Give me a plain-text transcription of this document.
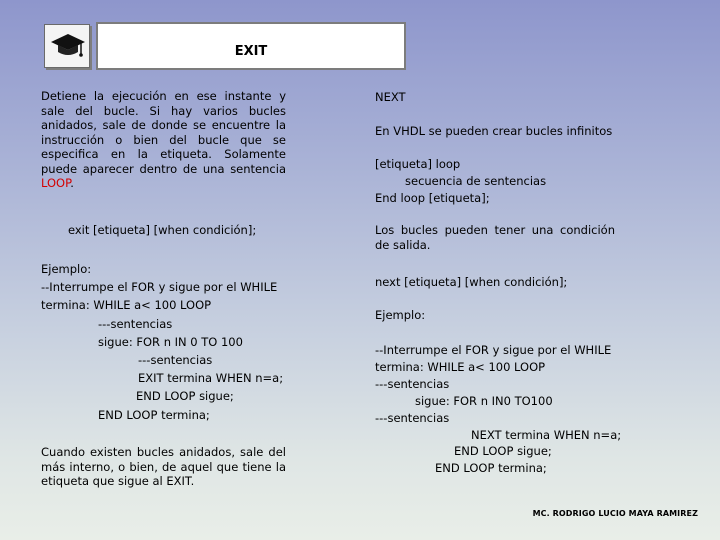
EXIT
Detiene la ejecución en ese instante y sale del bucle. Si hay varios bucles anidados, sale de donde se encuentre la instrucción o bien del bucle que se especifica en la etiqueta. Solamente puede aparecer dentro de una sentencia LOOP.
exit [etiqueta] [when condición];
Ejemplo:
--Interrumpe el FOR y sigue por el WHILE
termina: WHILE a< 100 LOOP
---sentencias
sigue: FOR n IN 0 TO 100
---sentencias
EXIT termina WHEN n=a;
END LOOP sigue;
END LOOP termina;
Cuando existen bucles anidados, sale del más interno, o bien, de aquel que tiene la etiqueta que sigue al EXIT.
NEXT
En VHDL se pueden crear bucles infinitos
[etiqueta] loop
secuencia de sentencias
End loop [etiqueta];
Los bucles pueden tener una condición de salida.
next [etiqueta] [when condición];
Ejemplo:
--Interrumpe el FOR y sigue por el WHILE
termina: WHILE a< 100 LOOP
---sentencias
sigue: FOR n IN0 TO100
---sentencias
NEXT termina WHEN n=a;
END LOOP sigue;
END LOOP termina;
MC. RODRIGO LUCIO MAYA RAMIREZ
